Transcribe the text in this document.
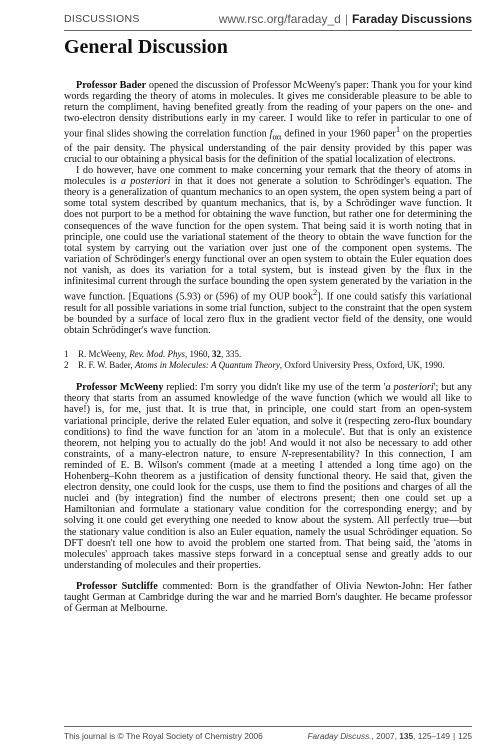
DISCUSSIONS	www.rsc.org/faraday_d | Faraday Discussions
General Discussion

Professor Bader opened the discussion of Professor McWeeny's paper: Thank you for your kind words regarding the theory of atoms in molecules. It gives me considerable pleasure to be able to return the compliment, having benefited greatly from the reading of your papers on the one- and two-electron density distributions early in my career. I would like to refer in particular to one of your final slides showing the correlation function $f_{\alpha\alpha}$ defined in your 1960 paper$^1$ on the properties of the pair density. The physical understanding of the pair density provided by this paper was crucial to our obtaining a physical basis for the definition of the spatial localization of electrons.

I do however, have one comment to make concerning your remark that the theory of atoms in molecules is a posteriori in that it does not generate a solution to Schrödinger's equation. The theory is a generalization of quantum mechanics to an open system, the open system being a part of some total system described by quantum mechanics, that is, by a Schrödinger wave function. It does not purport to be a method for obtaining the wave function, but rather one for determining the consequences of the wave function for the open system. That being said it is worth noting that in principle, one could use the variational statement of the theory to obtain the wave function for the total system by carrying out the variation over just one of the component open systems. The variation of Schrödinger's energy functional over an open system to obtain the Euler equation does not vanish, as does its variation for a total system, but is instead given by the flux in the infinitesimal current through the surface bounding the open system generated by the variation in the wave function. [Equations (5.93) or (596) of my OUP book$^2$]. If one could satisfy this variational result for all possible variations in some trial function, subject to the constraint that the open system be bounded by a surface of local zero flux in the gradient vector field of the density, one would obtain Schrödinger's wave function.

1	R. McWeeny, Rev. Mod. Phys, 1960, 32, 335.
2	R. F. W. Bader, Atoms in Molecules: A Quantum Theory, Oxford University Press, Oxford, UK, 1990.

Professor McWeeny replied: I'm sorry you didn't like my use of the term 'a posteriori'; but any theory that starts from an assumed knowledge of the wave function (which we would all like to have!) is, for me, just that. It is true that, in principle, one could start from an open-system variational principle, derive the related Euler equation, and solve it (respecting zero-flux boundary conditions) to find the wave function for an 'atom in a molecule'. But that is only an existence theorem, not helping you to actually do the job! And would it not also be necessary to add other constraints, of a many-electron nature, to ensure N-representability? In this connection, I am reminded of E. B. Wilson's comment (made at a meeting I attended a long time ago) on the Hohenberg–Kohn theorem as a justification of density functional theory. He said that, given the electron density, one could look for the cusps, use them to find the positions and charges of all the nuclei and (by integration) find the number of electrons present; then one could set up a Hamiltonian and formulate a stationary value condition for the corresponding energy; and by solving it one could get everything one needed to know about the system. All perfectly true—but the stationary value condition is also an Euler equation, namely the usual Schrödinger equation. So DFT doesn't tell one how to avoid the problem one started from. That being said, the 'atoms in molecules' approach takes massive steps forward in a conceptual sense and greatly adds to our understanding of molecules and their properties.

Professor Sutcliffe commented: Born is the grandfather of Olivia Newton-John: Her father taught German at Cambridge during the war and he married Born's daughter. He became professor of German at Melbourne.

This journal is © The Royal Society of Chemistry 2006	Faraday Discuss., 2007, 135, 125–149 | 125
